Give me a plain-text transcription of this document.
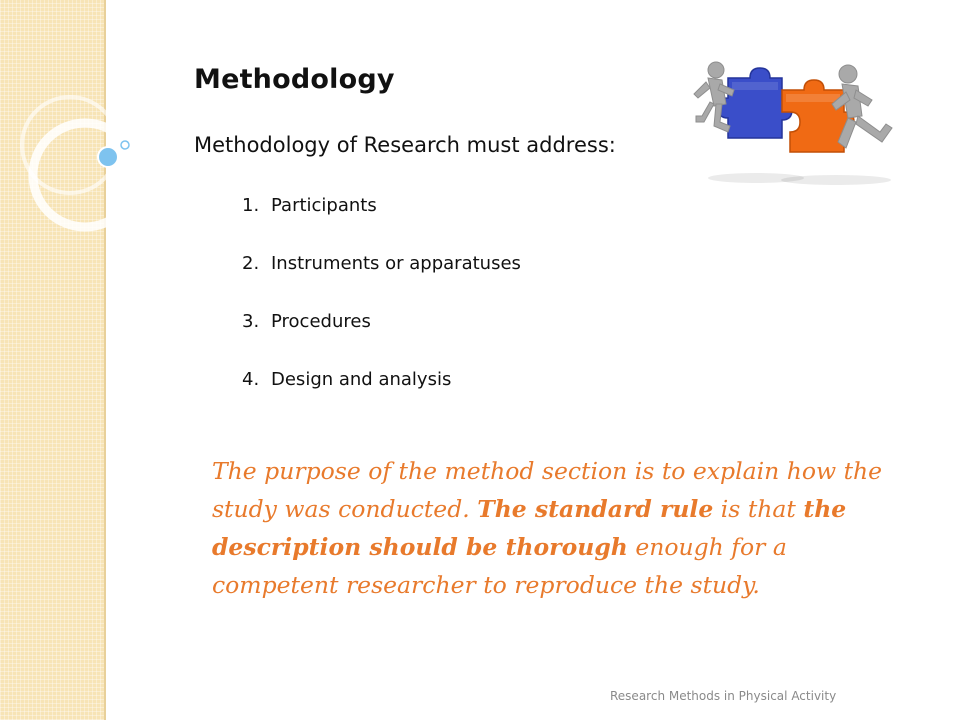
Methodology
Methodology of Research must address:
1. Participants
2. Instruments or apparatuses
3. Procedures
4. Design and analysis

The purpose of the method section is to explain how the study was conducted. The standard rule is that the description should be thorough enough for a competent researcher to reproduce the study.

Research Methods in Physical Activity
